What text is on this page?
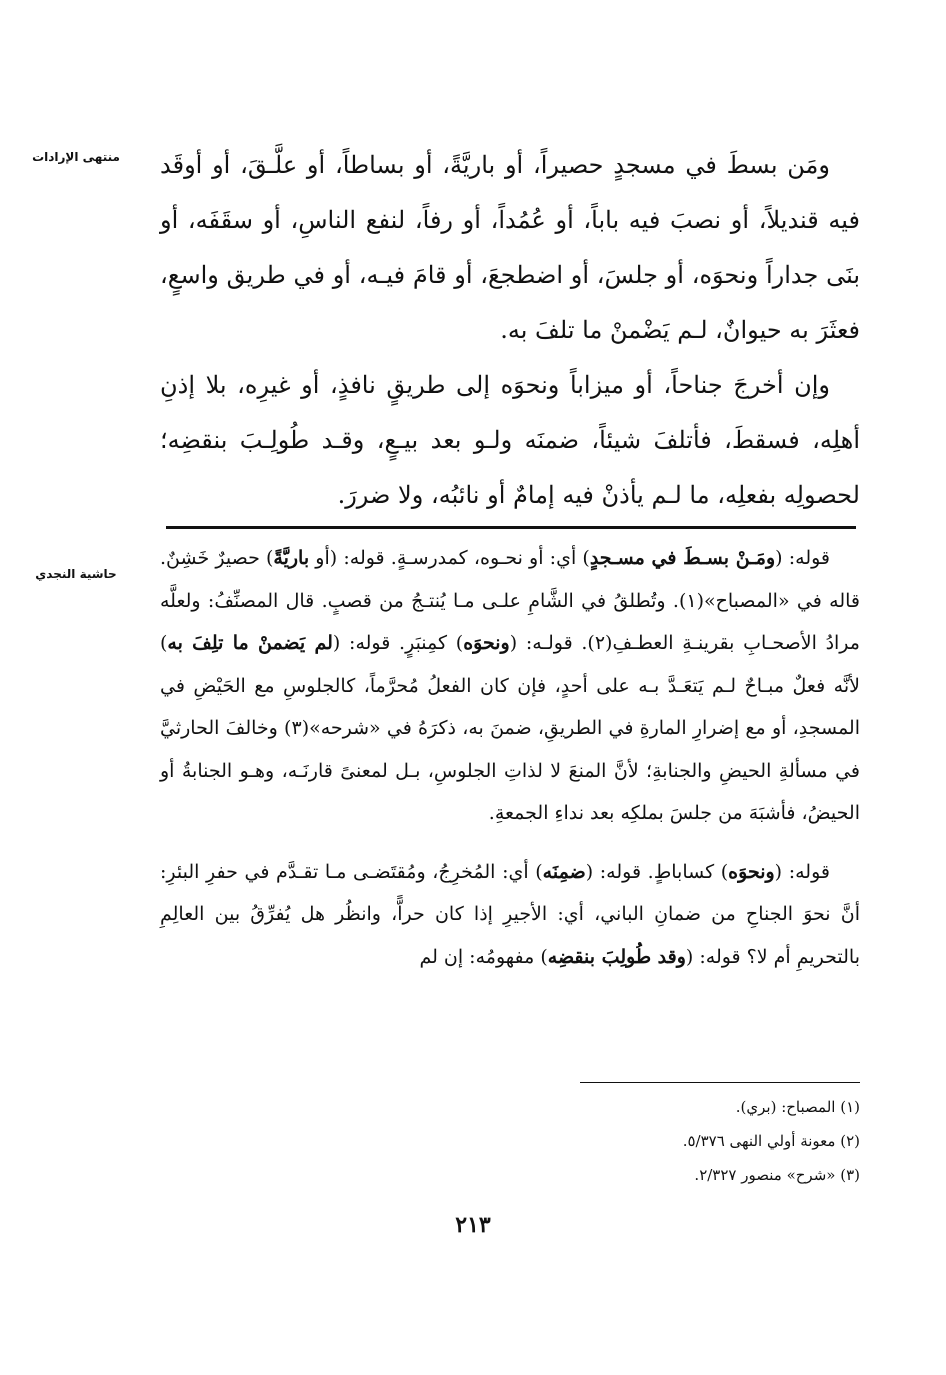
منتهى الإرادات ومَن بسطَ في مسجدٍ حصيراً، أو باريَّةً، أو بساطاً، أو علَّـقَ، أو أوقَد فيه قنديلاً، أو نصبَ فيه باباً، أو عُمُداً، أو رفاً، لنفع الناسِ، أو سقَفَه، أو بنَى جداراً ونحوَه، أو جلسَ، أو اضطجعَ، أو قامَ فيـه، أو في طريق واسعٍ، فعثَرَ به حيوانٌ، لـم يَضْمنْ ما تلفَ به.

وإن أخرجَ جناحاً، أو ميزاباً ونحوَه إلى طريقٍ نافذٍ، أو غيرِه، بلا إذنِ أهلِه، فسقطَ، فأتلفَ شيئاً، ضمنَه ولـو بعد بيـعٍ، وقـد طُولِـبَ بنقضِه؛ لحصولِه بفعلِه، ما لـم يأذنْ فيه إمامٌ أو نائبُه، ولا ضررَ.

حاشية النجدي

قوله: (ومَـنْ بسـطَ في مسـجدٍ) أي: أو نحـوه، كمدرسـةٍ. قوله: (أو باريَّةً) حصيرٌ خَشِنٌ. قاله في «المصباح»(١). وتُطلقُ في الشَّامِ علـى مـا يُنتـجُ من قصبٍ. قال المصنِّفُ: ولعلَّه مرادُ الأصحـابِ بقرينـةِ العطـفِ(٢). قولـه: (ونحوَه) كمِنبَرٍ. قوله: (لم يَضمنْ ما تلِفَ به) لأنَّه فعلٌ مبـاحٌ لـم يَتعَـدَّ بـه على أحدٍ، فإن كان الفعلُ مُحرَّماً، كالجلوسِ مع الحَيْضِ في المسجدِ، أو مع إضرارِ المارةِ في الطريقِ، ضمنَ به، ذكرَهُ في «شرحه»(٣) وخالفَ الحارثيَّ في مسألةِ الحيضِ والجنابةِ؛ لأنَّ المنعَ لا لذاتِ الجلوسِ، بـل لمعنىً قارنَـه، وهـو الجنابةُ أو الحيضُ، فأشبَهَ من جلسَ بملكِه بعد نداءِ الجمعةِ.

قوله: (ونحوَه) كساباطٍ. قوله: (ضمِنَه) أي: المُخرِجُ، ومُقتَضـى مـا تقـدَّم في حفرِ البئرِ: أنَّ نحوَ الجناحِ من ضمانِ الباني، أي: الأجيرِ إذا كان حراًّ، وانظُر هل يُفرِّقُ بين العالِمِ بالتحريمِ أم لا؟ قوله: (وقد طُولِبَ بنقضِه) مفهومُه: إن لم

(١) المصباح: (بري).
(٢) معونة أولي النهى ٥/٣٧٦.
(٣) «شرح» منصور ٢/٣٢٧.
٢١٣
